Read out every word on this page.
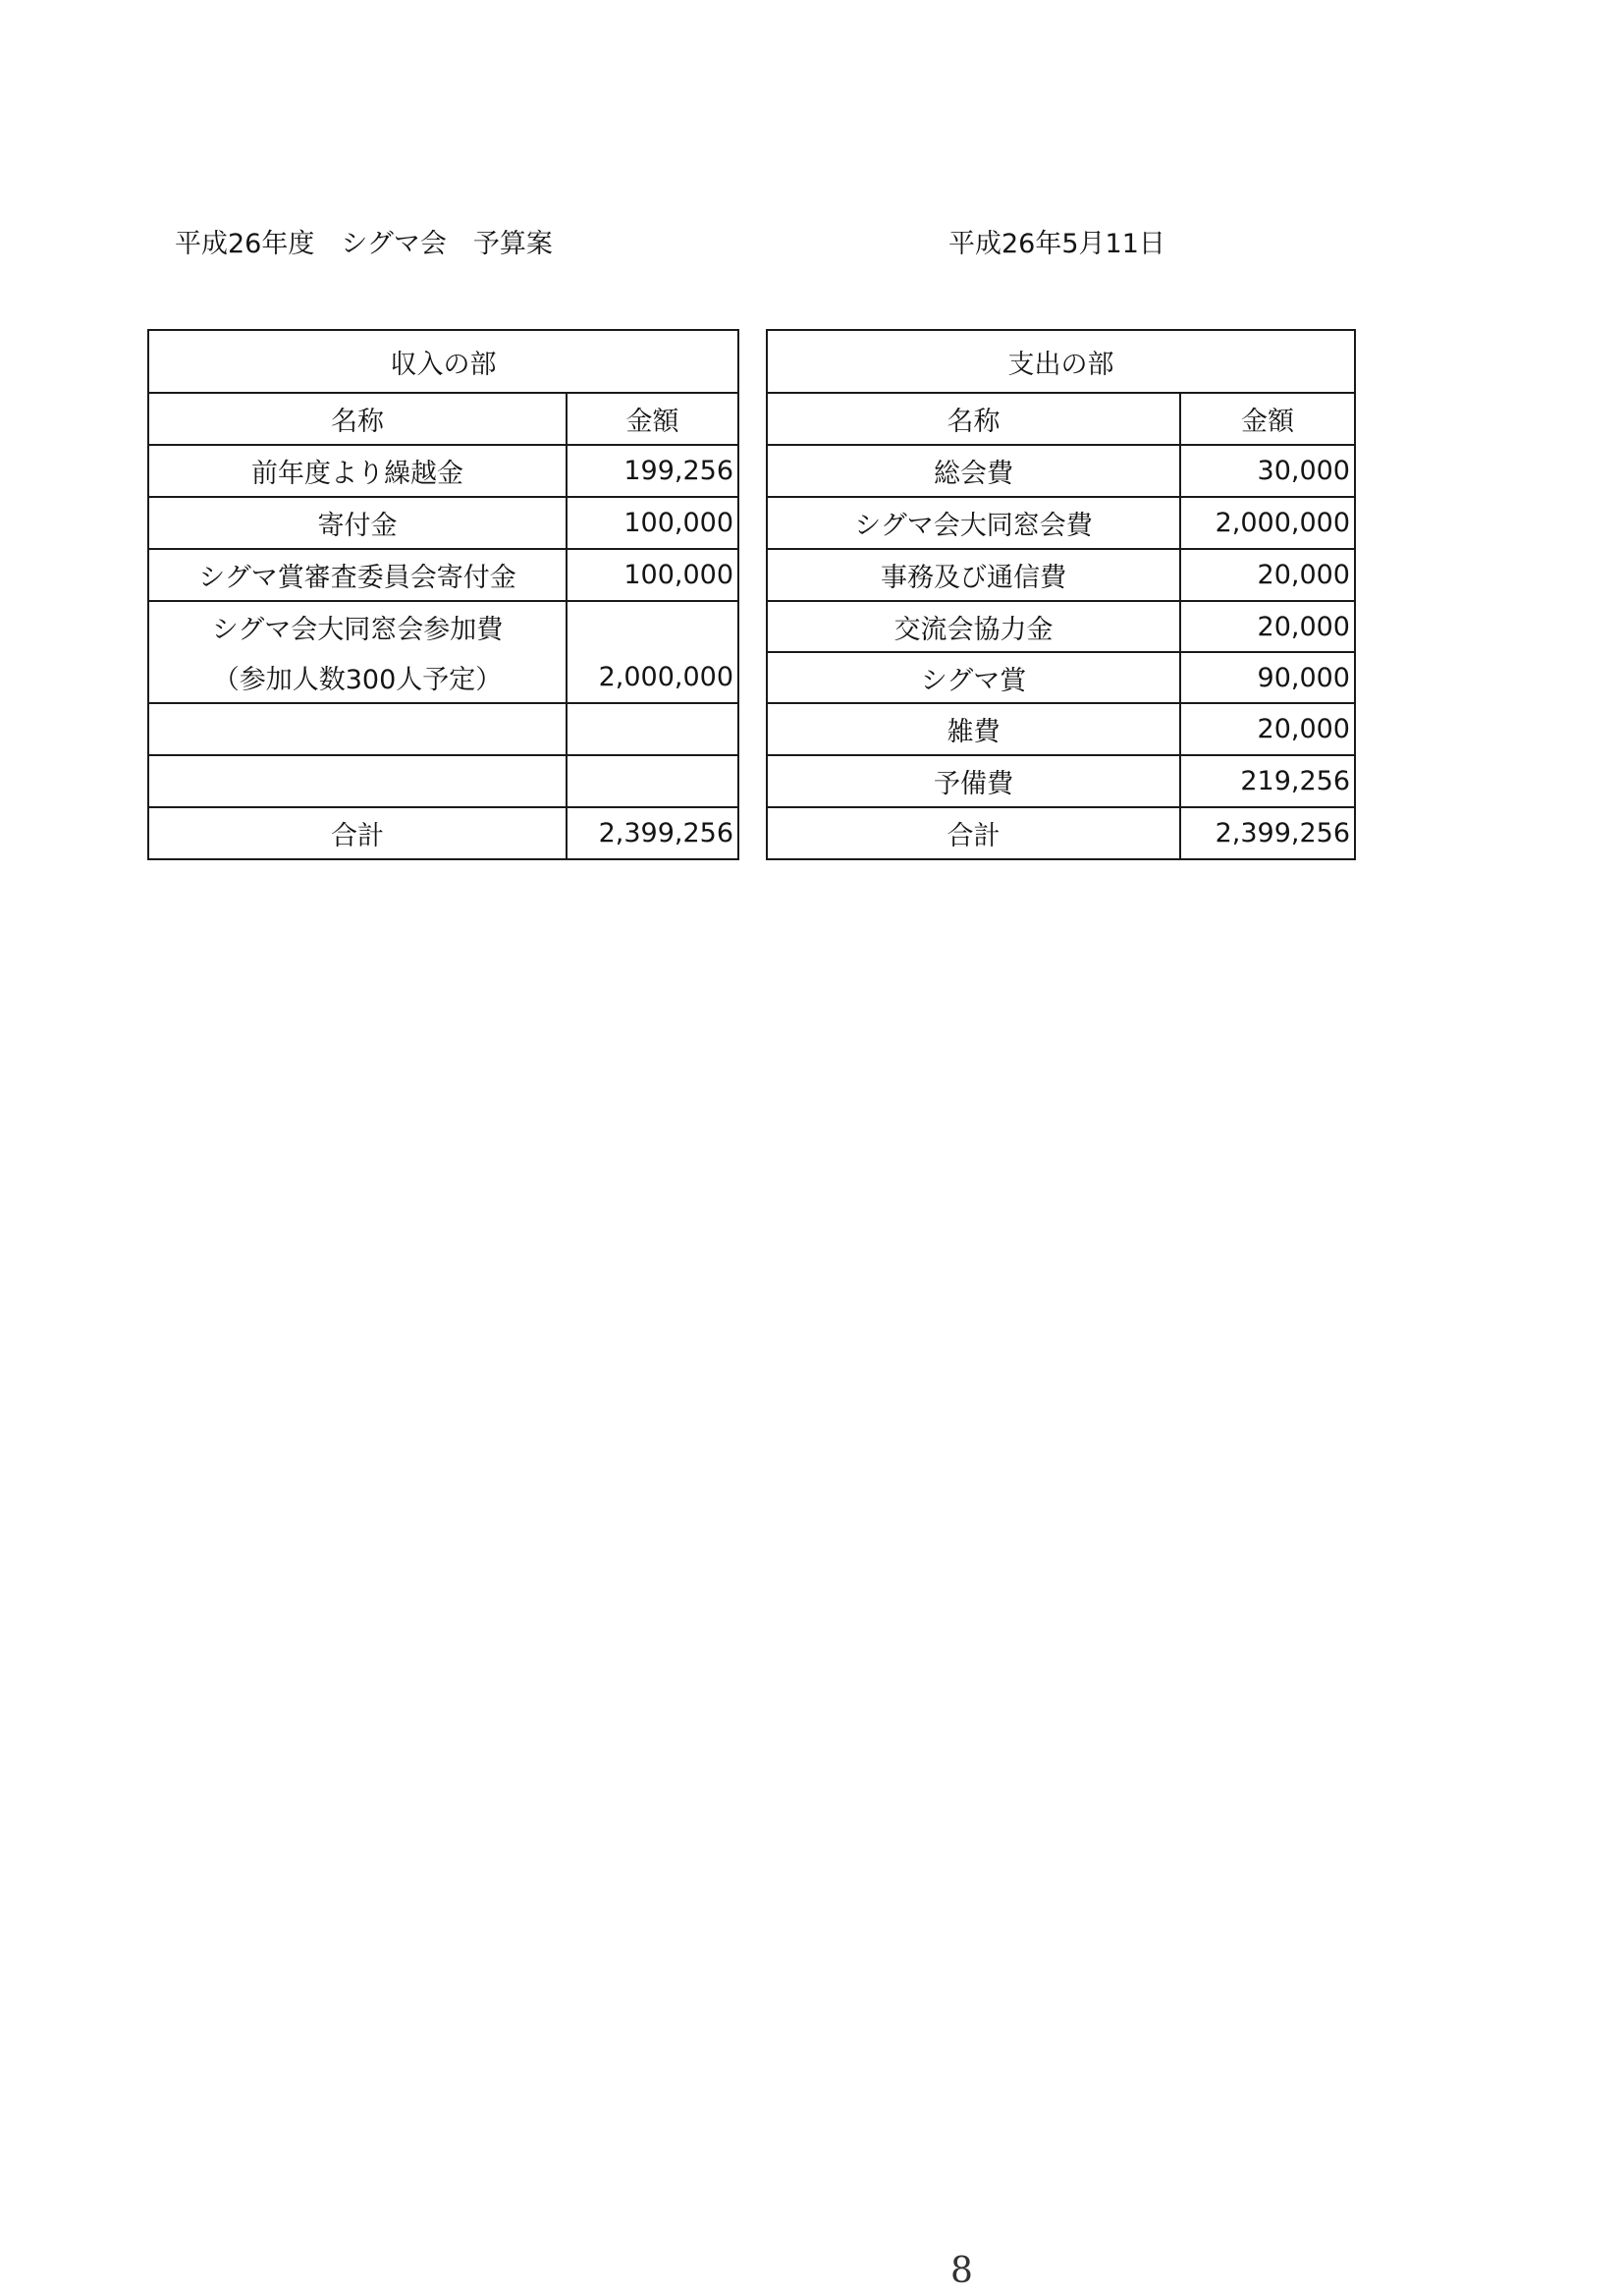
平成26年度　シグマ会　予算案	平成26年5月11日
収入の部	
名称	金額
前年度より繰越金	199,256
寄付金	100,000
シグマ賞審査委員会寄付金	100,000
シグマ会大同窓会参加費	
（参加人数300人予定）	2,000,000

合計	2,399,256
支出の部	
名称	金額
総会費	30,000
シグマ会大同窓会費	2,000,000
事務及び通信費	20,000
交流会協力金	20,000
シグマ賞	90,000
雑費	20,000
予備費	219,256
合計	2,399,256
8
